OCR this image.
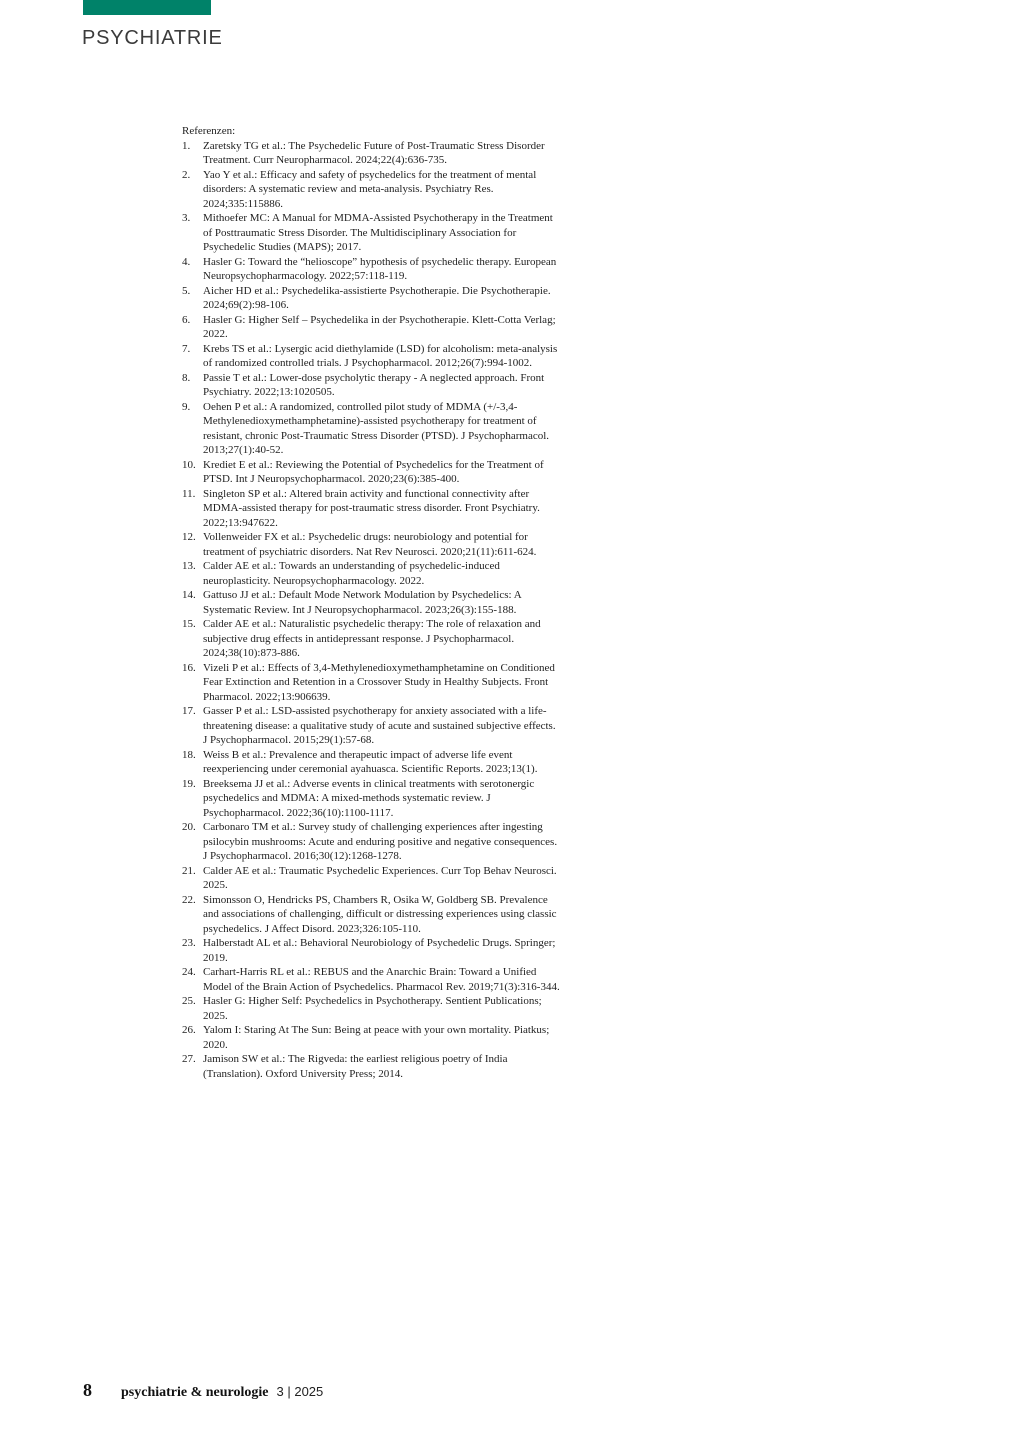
PSYCHIATRIE

Referenzen:

1. Zaretsky TG et al.: The Psychedelic Future of Post-Traumatic Stress Disorder Treatment. Curr Neuropharmacol. 2024;22(4):636-735.
2. Yao Y et al.: Efficacy and safety of psychedelics for the treatment of mental disorders: A systematic review and meta-analysis. Psychiatry Res. 2024;335:115886.
3. Mithoefer MC: A Manual for MDMA-Assisted Psychotherapy in the Treatment of Posttraumatic Stress Disorder. The Multidisciplinary Association for Psychedelic Studies (MAPS); 2017.
4. Hasler G: Toward the “helioscope” hypothesis of psychedelic therapy. European Neuropsychopharmacology. 2022;57:118-119.
5. Aicher HD et al.: Psychedelika-assistierte Psychotherapie. Die Psychotherapie. 2024;69(2):98-106.
6. Hasler G: Higher Self – Psychedelika in der Psychotherapie. Klett-Cotta Verlag; 2022.
7. Krebs TS et al.: Lysergic acid diethylamide (LSD) for alcoholism: meta-analysis of randomized controlled trials. J Psychopharmacol. 2012;26(7):994-1002.
8. Passie T et al.: Lower-dose psycholytic therapy - A neglected approach. Front Psychiatry. 2022;13:1020505.
9. Oehen P et al.: A randomized, controlled pilot study of MDMA (+/-3,4-Methylenedioxymethamphetamine)-assisted psychotherapy for treatment of resistant, chronic Post-Traumatic Stress Disorder (PTSD). J Psychopharmacol. 2013;27(1):40-52.
10. Krediet E et al.: Reviewing the Potential of Psychedelics for the Treatment of PTSD. Int J Neuropsychopharmacol. 2020;23(6):385-400.
11. Singleton SP et al.: Altered brain activity and functional connectivity after MDMA-assisted therapy for post-traumatic stress disorder. Front Psychiatry. 2022;13:947622.
12. Vollenweider FX et al.: Psychedelic drugs: neurobiology and potential for treatment of psychiatric disorders. Nat Rev Neurosci. 2020;21(11):611-624.
13. Calder AE et al.: Towards an understanding of psychedelic-induced neuroplasticity. Neuropsychopharmacology. 2022.
14. Gattuso JJ et al.: Default Mode Network Modulation by Psychedelics: A Systematic Review. Int J Neuropsychopharmacol. 2023;26(3):155-188.
15. Calder AE et al.: Naturalistic psychedelic therapy: The role of relaxation and subjective drug effects in antidepressant response. J Psychopharmacol. 2024;38(10):873-886.
16. Vizeli P et al.: Effects of 3,4-Methylenedioxymethamphetamine on Conditioned Fear Extinction and Retention in a Crossover Study in Healthy Subjects. Front Pharmacol. 2022;13:906639.
17. Gasser P et al.: LSD-assisted psychotherapy for anxiety associated with a life-threatening disease: a qualitative study of acute and sustained subjective effects. J Psychopharmacol. 2015;29(1):57-68.
18. Weiss B et al.: Prevalence and therapeutic impact of adverse life event reexperiencing under ceremonial ayahuasca. Scientific Reports. 2023;13(1).
19. Breeksema JJ et al.: Adverse events in clinical treatments with serotonergic psychedelics and MDMA: A mixed-methods systematic review. J Psychopharmacol. 2022;36(10):1100-1117.
20. Carbonaro TM et al.: Survey study of challenging experiences after ingesting psilocybin mushrooms: Acute and enduring positive and negative consequences. J Psychopharmacol. 2016;30(12):1268-1278.
21. Calder AE et al.: Traumatic Psychedelic Experiences. Curr Top Behav Neurosci. 2025.
22. Simonsson O, Hendricks PS, Chambers R, Osika W, Goldberg SB. Prevalence and associations of challenging, difficult or distressing experiences using classic psychedelics. J Affect Disord. 2023;326:105-110.
23. Halberstadt AL et al.: Behavioral Neurobiology of Psychedelic Drugs. Springer; 2019.
24. Carhart-Harris RL et al.: REBUS and the Anarchic Brain: Toward a Unified Model of the Brain Action of Psychedelics. Pharmacol Rev. 2019;71(3):316-344.
25. Hasler G: Higher Self: Psychedelics in Psychotherapy. Sentient Publications; 2025.
26. Yalom I: Staring At The Sun: Being at peace with your own mortality. Piatkus; 2020.
27. Jamison SW et al.: The Rigveda: the earliest religious poetry of India (Translation). Oxford University Press; 2014.
8 psychiatrie & neurologie 3 | 2025
